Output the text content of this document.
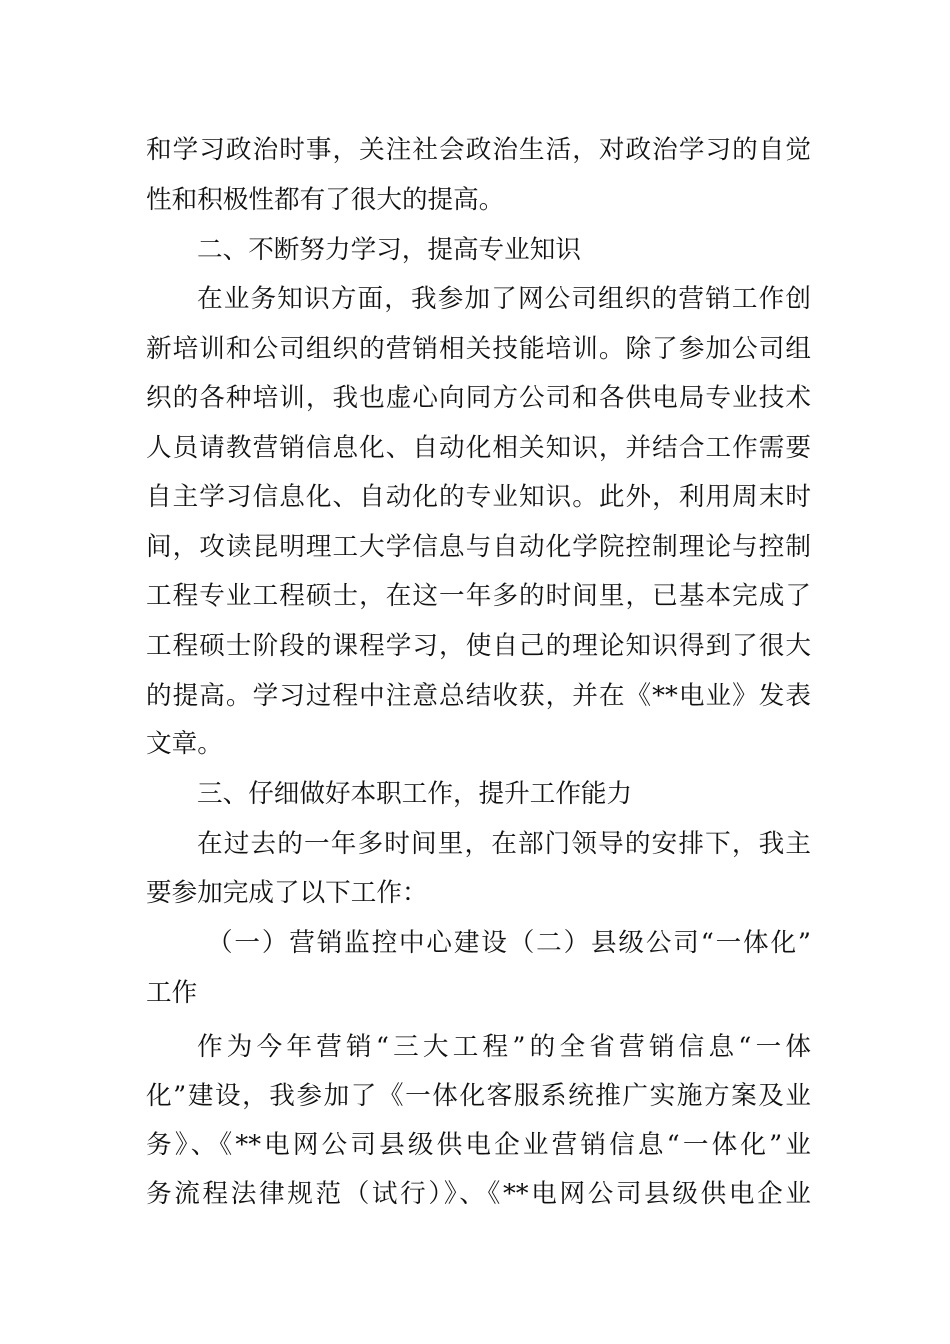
和学习政治时事，关注社会政治生活，对政治学习的自觉
性和积极性都有了很大的提高。
二、不断努力学习，提高专业知识
在业务知识方面，我参加了网公司组织的营销工作创
新培训和公司组织的营销相关技能培训。除了参加公司组
织的各种培训，我也虚心向同方公司和各供电局专业技术
人员请教营销信息化、自动化相关知识，并结合工作需要
自主学习信息化、自动化的专业知识。此外，利用周末时
间，攻读昆明理工大学信息与自动化学院控制理论与控制
工程专业工程硕士，在这一年多的时间里，已基本完成了
工程硕士阶段的课程学习，使自己的理论知识得到了很大
的提高。学习过程中注意总结收获，并在《**电业》发表
文章。
三、仔细做好本职工作，提升工作能力
在过去的一年多时间里，在部门领导的安排下，我主
要参加完成了以下工作：
（一）营销监控中心建设（二）县级公司“一体化”
工作
作为今年营销“三大工程”的全省营销信息“一体
化”建设，我参加了《一体化客服系统推广实施方案及业
务》、《**电网公司县级供电企业营销信息“一体化”业
务流程法律规范（试行）》、《**电网公司县级供电企业
